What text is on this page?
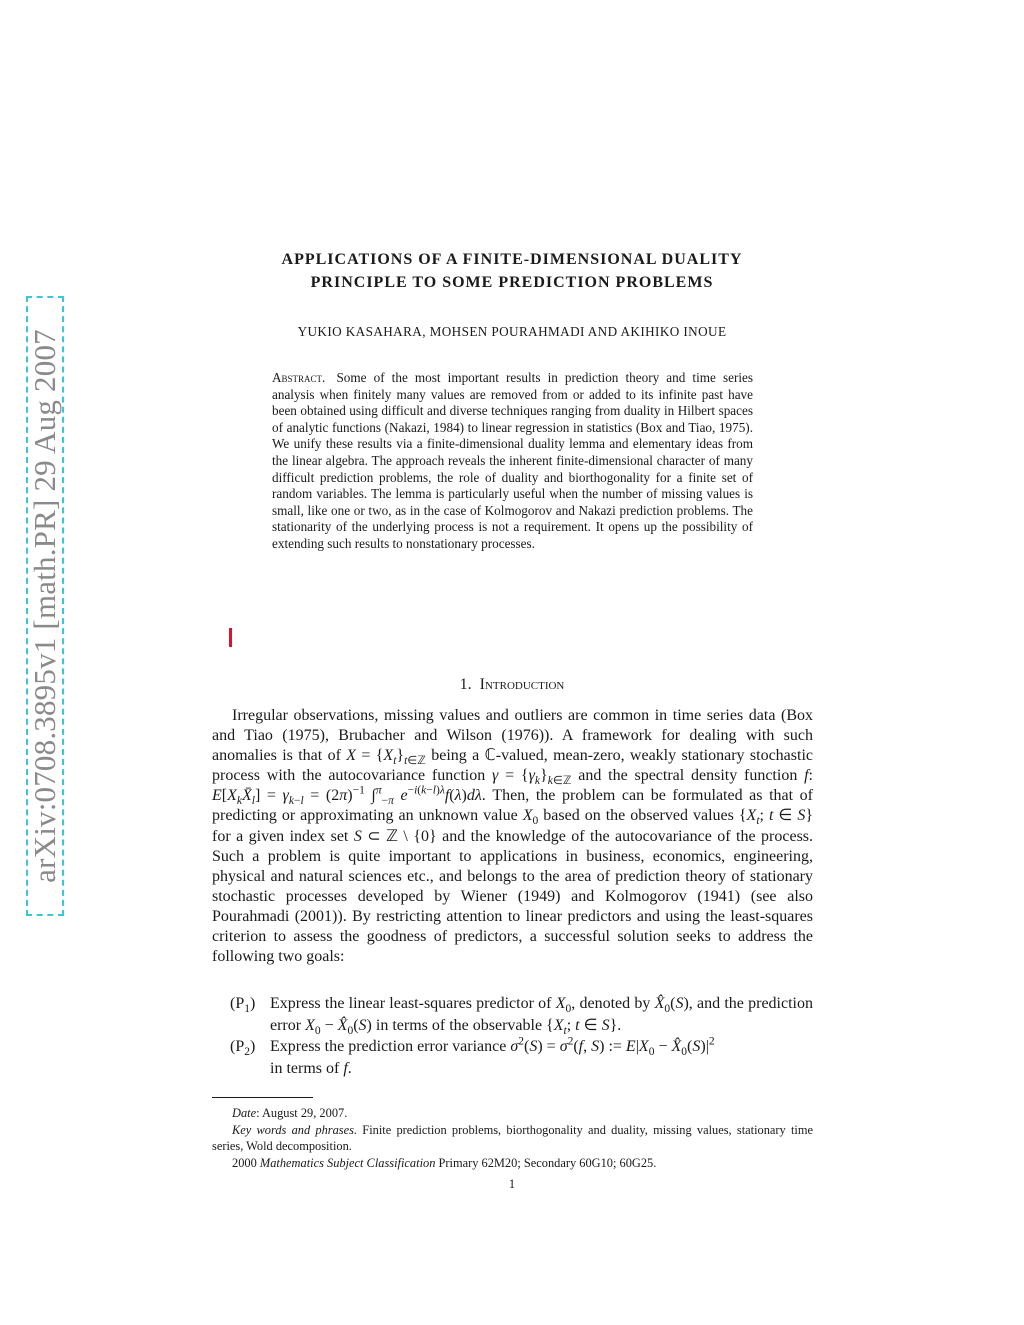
arXiv:0708.3895v1 [math.PR] 29 Aug 2007
APPLICATIONS OF A FINITE-DIMENSIONAL DUALITY
PRINCIPLE TO SOME PREDICTION PROBLEMS
YUKIO KASAHARA, MOHSEN POURAHMADI AND AKIHIKO INOUE
Abstract. Some of the most important results in prediction theory and time series analysis when finitely many values are removed from or added to its infinite past have been obtained using difficult and diverse techniques ranging from duality in Hilbert spaces of analytic functions (Nakazi, 1984) to linear regression in statistics (Box and Tiao, 1975). We unify these results via a finite-dimensional duality lemma and elementary ideas from the linear algebra. The approach reveals the inherent finite-dimensional character of many difficult prediction problems, the role of duality and biorthogonality for a finite set of random variables. The lemma is particularly useful when the number of missing values is small, like one or two, as in the case of Kolmogorov and Nakazi prediction problems. The stationarity of the underlying process is not a requirement. It opens up the possibility of extending such results to nonstationary processes.
1. Introduction

Irregular observations, missing values and outliers are common in time series data (Box and Tiao (1975), Brubacher and Wilson (1976)). A framework for dealing with such anomalies is that of $X = \{X_t\}_{t\in ℤ}$ being a ℂ-valued, mean-zero, weakly stationary stochastic process with the autocovariance function $\gamma = \{\gamma_k\}_{k\in ℤ}$ and the spectral density function f: $E[X_kX̄_l] = \gamma_{k-l} = (2\pi)^{-1}$ ∫$^\pi_{-\pi}$ $e^{-i(k-l)\lambda}f(\lambda)d\lambda$. Then, the problem can be formulated as that of predicting or approximating an unknown value $X_0$ based on the observed values {$X_t$; t ∈ S} for a given index set S ⊂ ℤ \ {0} and the knowledge of the autocovariance of the process. Such a problem is quite important to applications in business, economics, engineering, physical and natural sciences etc., and belongs to the area of prediction theory of stationary stochastic processes developed by Wiener (1949) and Kolmogorov (1941) (see also Pourahmadi (2001)). By restricting attention to linear predictors and using the least-squares criterion to assess the goodness of predictors, a successful solution seeks to address the following two goals:

$(P_1)$ Express the linear least-squares predictor of $X_0$, denoted by $X̂_0(S)$, and the prediction error $X_0$ − $X̂_0(S)$ in terms of the observable {$X_t$; t ∈ S}.
$(P_2)$ Express the prediction error variance $\sigma^2(S) = \sigma^2(f$, S) := $E|X_0$ − $X̂_0(S)|^2$
in terms of f.

Date: August 29, 2007.

Key words and phrases. Finite prediction problems, biorthogonality and duality, missing values, stationary time series, Wold decomposition.

2000 Mathematics Subject Classification Primary 62M20; Secondary 60G10; 60G25.

1
